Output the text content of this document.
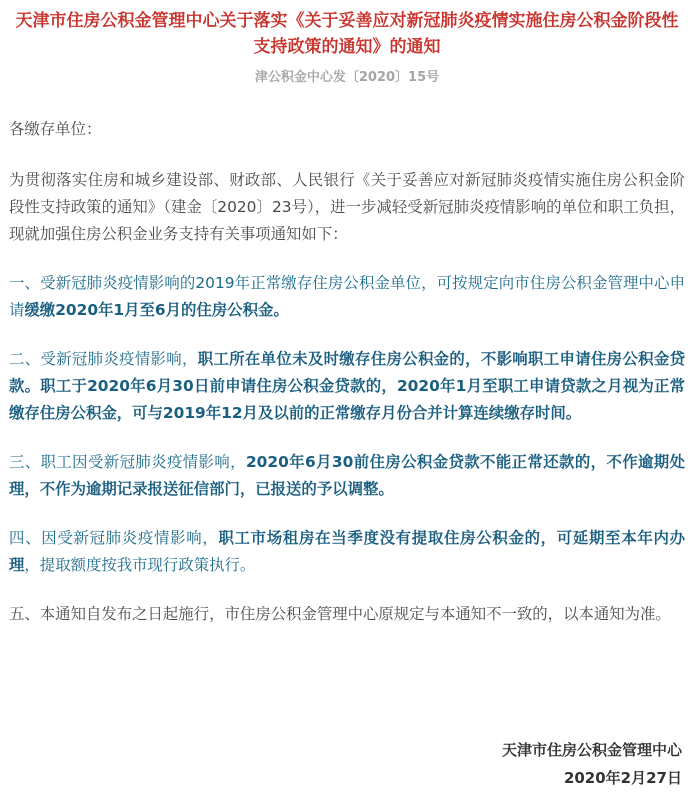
天津市住房公积金管理中心关于落实《关于妥善应对新冠肺炎疫情实施住房公积金阶段性支持政策的通知》的通知
津公积金中心发〔2020〕15号

各缴存单位：

为贯彻落实住房和城乡建设部、财政部、人民银行《关于妥善应对新冠肺炎疫情实施住房公积金阶段性支持政策的通知》（建金〔2020〕23号），进一步减轻受新冠肺炎疫情影响的单位和职工负担，现就加强住房公积金业务支持有关事项通知如下：

一、受新冠肺炎疫情影响的2019年正常缴存住房公积金单位，可按规定向市住房公积金管理中心申请缓缴2020年1月至6月的住房公积金。

二、受新冠肺炎疫情影响，职工所在单位未及时缴存住房公积金的，不影响职工申请住房公积金贷款。职工于2020年6月30日前申请住房公积金贷款的，2020年1月至职工申请贷款之月视为正常缴存住房公积金，可与2019年12月及以前的正常缴存月份合并计算连续缴存时间。

三、职工因受新冠肺炎疫情影响，2020年6月30前住房公积金贷款不能正常还款的，不作逾期处理，不作为逾期记录报送征信部门，已报送的予以调整。

四、因受新冠肺炎疫情影响，职工市场租房在当季度没有提取住房公积金的，可延期至本年内办理，提取额度按我市现行政策执行。

五、本通知自发布之日起施行，市住房公积金管理中心原规定与本通知不一致的，以本通知为准。

天津市住房公积金管理中心
2020年2月27日
